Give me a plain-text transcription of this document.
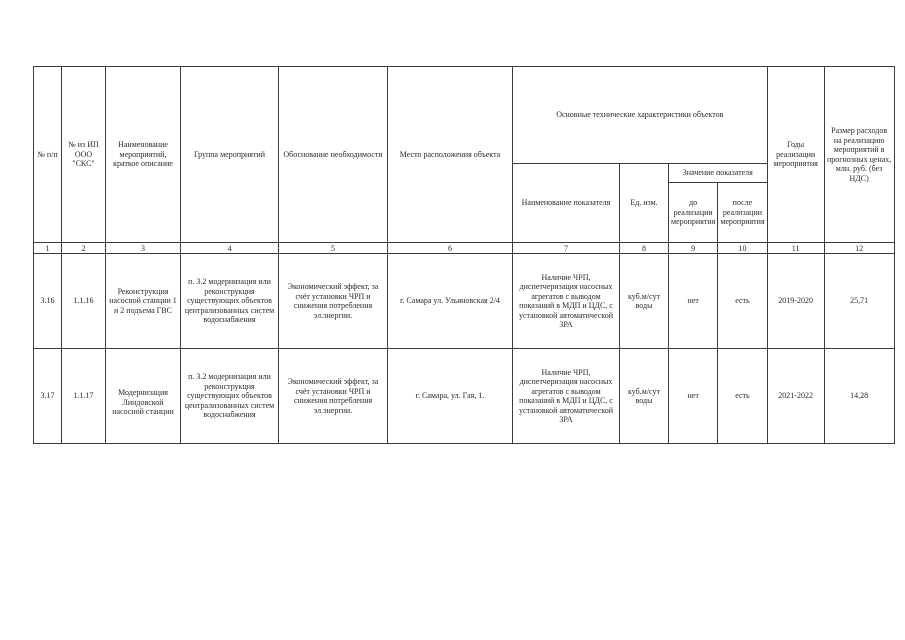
№ п/п	№ из ИП ООО "СКС"	Наименование мероприятий, краткое описание	Группа мероприятий	Обоснование необходимости	Место расположения объекта	Основные технические характеристики объектов				Годы реализации мероприятия	Размер расходов на реализацию мероприятий в прогнозных ценах, млн. руб. (без НДС)
						Наименование показателя	Ед. изм.	Значение показателя			
								до реализации мероприятия	после реализации мероприятия		
1	2	3	4	5	6	7	8	9	10	11	12
3.16	1.1.16	Реконструкция насосной станции 1 и 2 подъема ГВС	п. 3.2 модернизация или реконструкция существующих объектов централизованных систем водоснабжения	Экономический эффект, за счёт установки ЧРП и снижения потребления эл.энергии.	г. Самара ул. Ульяновская 2/4	Наличие ЧРП, диспетчеризация насосных агрегатов с выводом показаний в МДП и ЦДС, с установкой автоматической ЗРА	куб.м/сут воды	нет	есть	2019-2020	25,71
3.17	1.1.17	Модернизация Линдовской насосной станции	п. 3.2 модернизация или реконструкция существующих объектов централизованных систем водоснабжения	Экономический эффект, за счёт установки ЧРП и снижения потребления эл.энергии.	г. Самара, ул. Гая, 1.	Наличие ЧРП, диспетчеризация насосных агрегатов с выводом показаний в МДП и ЦДС, с установкой автоматической ЗРА	куб.м/сут воды	нет	есть	2021-2022	14,28
